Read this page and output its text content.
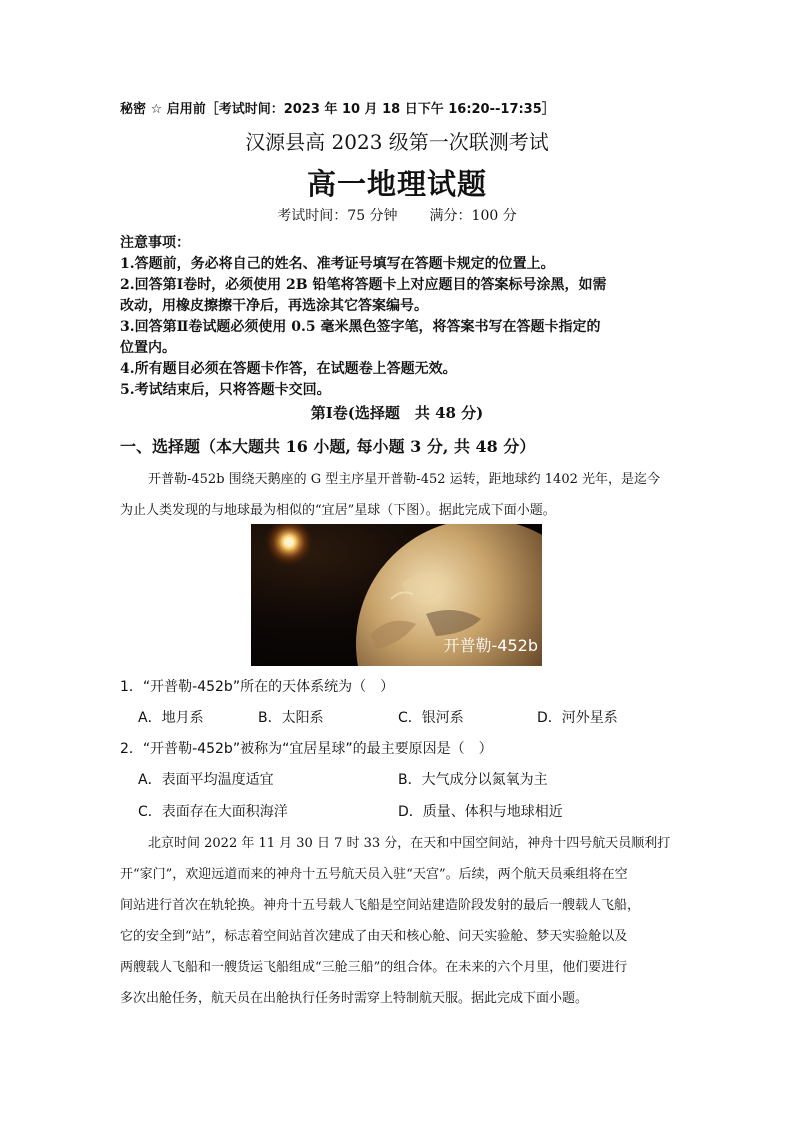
秘密 ☆ 启用前［考试时间：2023 年 10 月 18 日下午 16:20--17:35］
汉源县高 2023 级第一次联测考试
高一地理试题
考试时间：75 分钟 满分：100 分
注意事项：
1.答题前，务必将自己的姓名、准考证号填写在答题卡规定的位置上。
2.回答第Ⅰ卷时，必须使用 2B 铅笔将答题卡上对应题目的答案标号涂黑，如需
改动，用橡皮擦擦干净后，再选涂其它答案编号。
3.回答第Ⅱ卷试题必须使用 0.5 毫米黑色签字笔，将答案书写在答题卡指定的
位置内。
4.所有题目必须在答题卡作答，在试题卷上答题无效。
5.考试结束后，只将答题卡交回。
第Ⅰ卷(选择题　共 48 分)
一、选择题（本大题共 16 小题, 每小题 3 分, 共 48 分）
开普勒-452b 围绕天鹅座的 G 型主序星开普勒-452 运转，距地球约 1402 光年，是迄今
为止人类发现的与地球最为相似的“宜居”星球（下图）。据此完成下面小题。
开普勒-452b
1．“开普勒-452b”所在的天体系统为（　）
A．地月系	B．太阳系	C．银河系	D．河外星系
2．“开普勒-452b”被称为“宜居星球”的最主要原因是（　）
A．表面平均温度适宜	B．大气成分以氮氧为主
C．表面存在大面积海洋	D．质量、体积与地球相近
北京时间 2022 年 11 月 30 日 7 时 33 分，在天和中国空间站，神舟十四号航天员顺利打
开“家门”，欢迎远道而来的神舟十五号航天员入驻“天宫”。后续，两个航天员乘组将在空
间站进行首次在轨轮换。神舟十五号载人飞船是空间站建造阶段发射的最后一艘载人飞船，
它的安全到“站”，标志着空间站首次建成了由天和核心舱、问天实验舱、梦天实验舱以及
两艘载人飞船和一艘货运飞船组成“三舱三船”的组合体。在未来的六个月里，他们要进行
多次出舱任务，航天员在出舱执行任务时需穿上特制航天服。据此完成下面小题。
